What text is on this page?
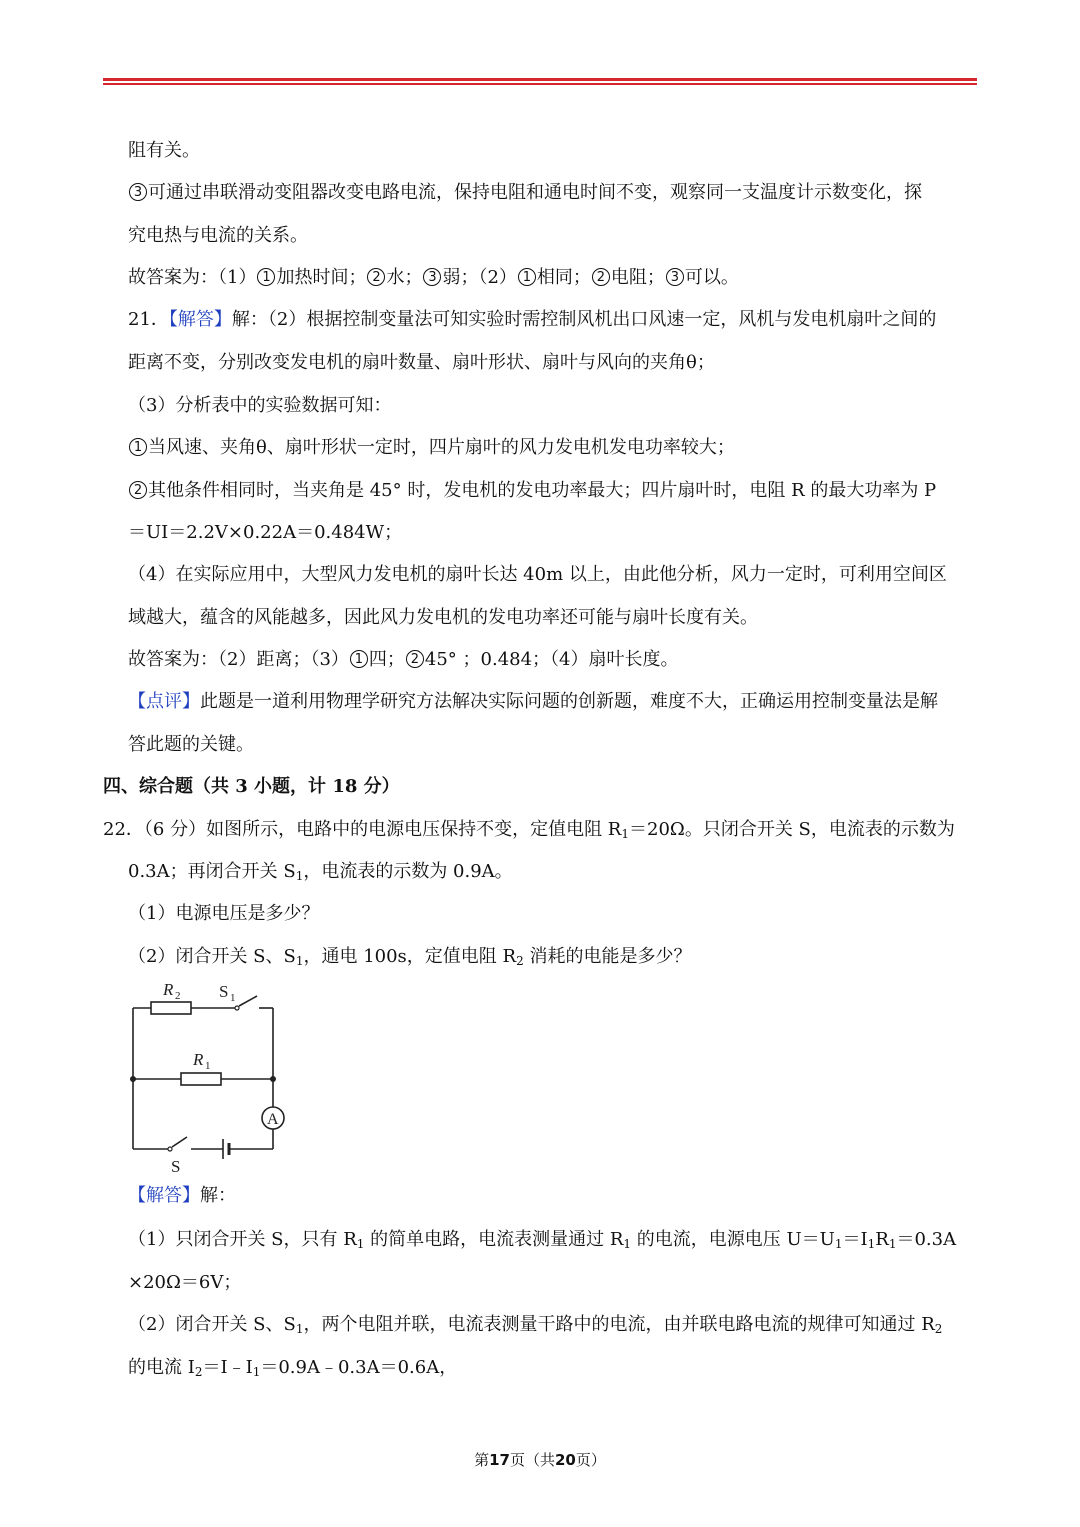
阻有关。
3 可通过串联滑动变阻器改变电路电流，保持电阻和通电时间不变，观察同一支温度计示数变化，探
究电热与电流的关系。
故答案为：（1） 1 加热时间； 2 水； 3 弱；（2） 1 相同； 2 电阻； 3 可以。
21．【解答】解：（2）根据控制变量法可知实验时需控制风机出口风速一定，风机与发电机扇叶之间的
距离不变，分别改变发电机的扇叶数量、扇叶形状、扇叶与风向的夹角θ；
（3）分析表中的实验数据可知：
1 当风速、夹角θ、扇叶形状一定时，四片扇叶的风力发电机发电功率较大；
2 其他条件相同时，当夹角是 45° 时，发电机的发电功率最大；四片扇叶时，电阻 R 的最大功率为 P
＝UI＝2.2V×0.22A＝0.484W；
（4）在实际应用中，大型风力发电机的扇叶长达 40m 以上，由此他分析，风力一定时，可利用空间区
域越大，蕴含的风能越多，因此风力发电机的发电功率还可能与扇叶长度有关。
故答案为：（2）距离；（3） 1 四； 2 45° ；0.484；（4）扇叶长度。
【点评】此题是一道利用物理学研究方法解决实际问题的创新题，难度不大，正确运用控制变量法是解
答此题的关键。
四、综合题（共 3 小题，计 18 分）
22．（6 分）如图所示，电路中的电源电压保持不变，定值电阻 $R_1=20\Omega$。只闭合开关 S，电流表的示数为
0.3A；再闭合开关 $S_1$，电流表的示数为 0.9A。
（1）电源电压是多少？
（2）闭合开关 S、$S_1$，通电 100s，定值电阻 $R_2$ 消耗的电能是多少？
R 2 S 1
R 1
A
S
【解答】解：
（1）只闭合开关 S，只有 $R_1$ 的简单电路，电流表测量通过 $R_1$ 的电流，电源电压 $U=U_1=I_1R_1=0.3A$
×20Ω＝6V；
（2）闭合开关 S、$S_1$，两个电阻并联，电流表测量干路中的电流，由并联电路电流的规律可知通过 $R_2$
的电流 $I_2=I﹣I_1=0.9A﹣0.3A=0.6A$，
第17页（共20页）
